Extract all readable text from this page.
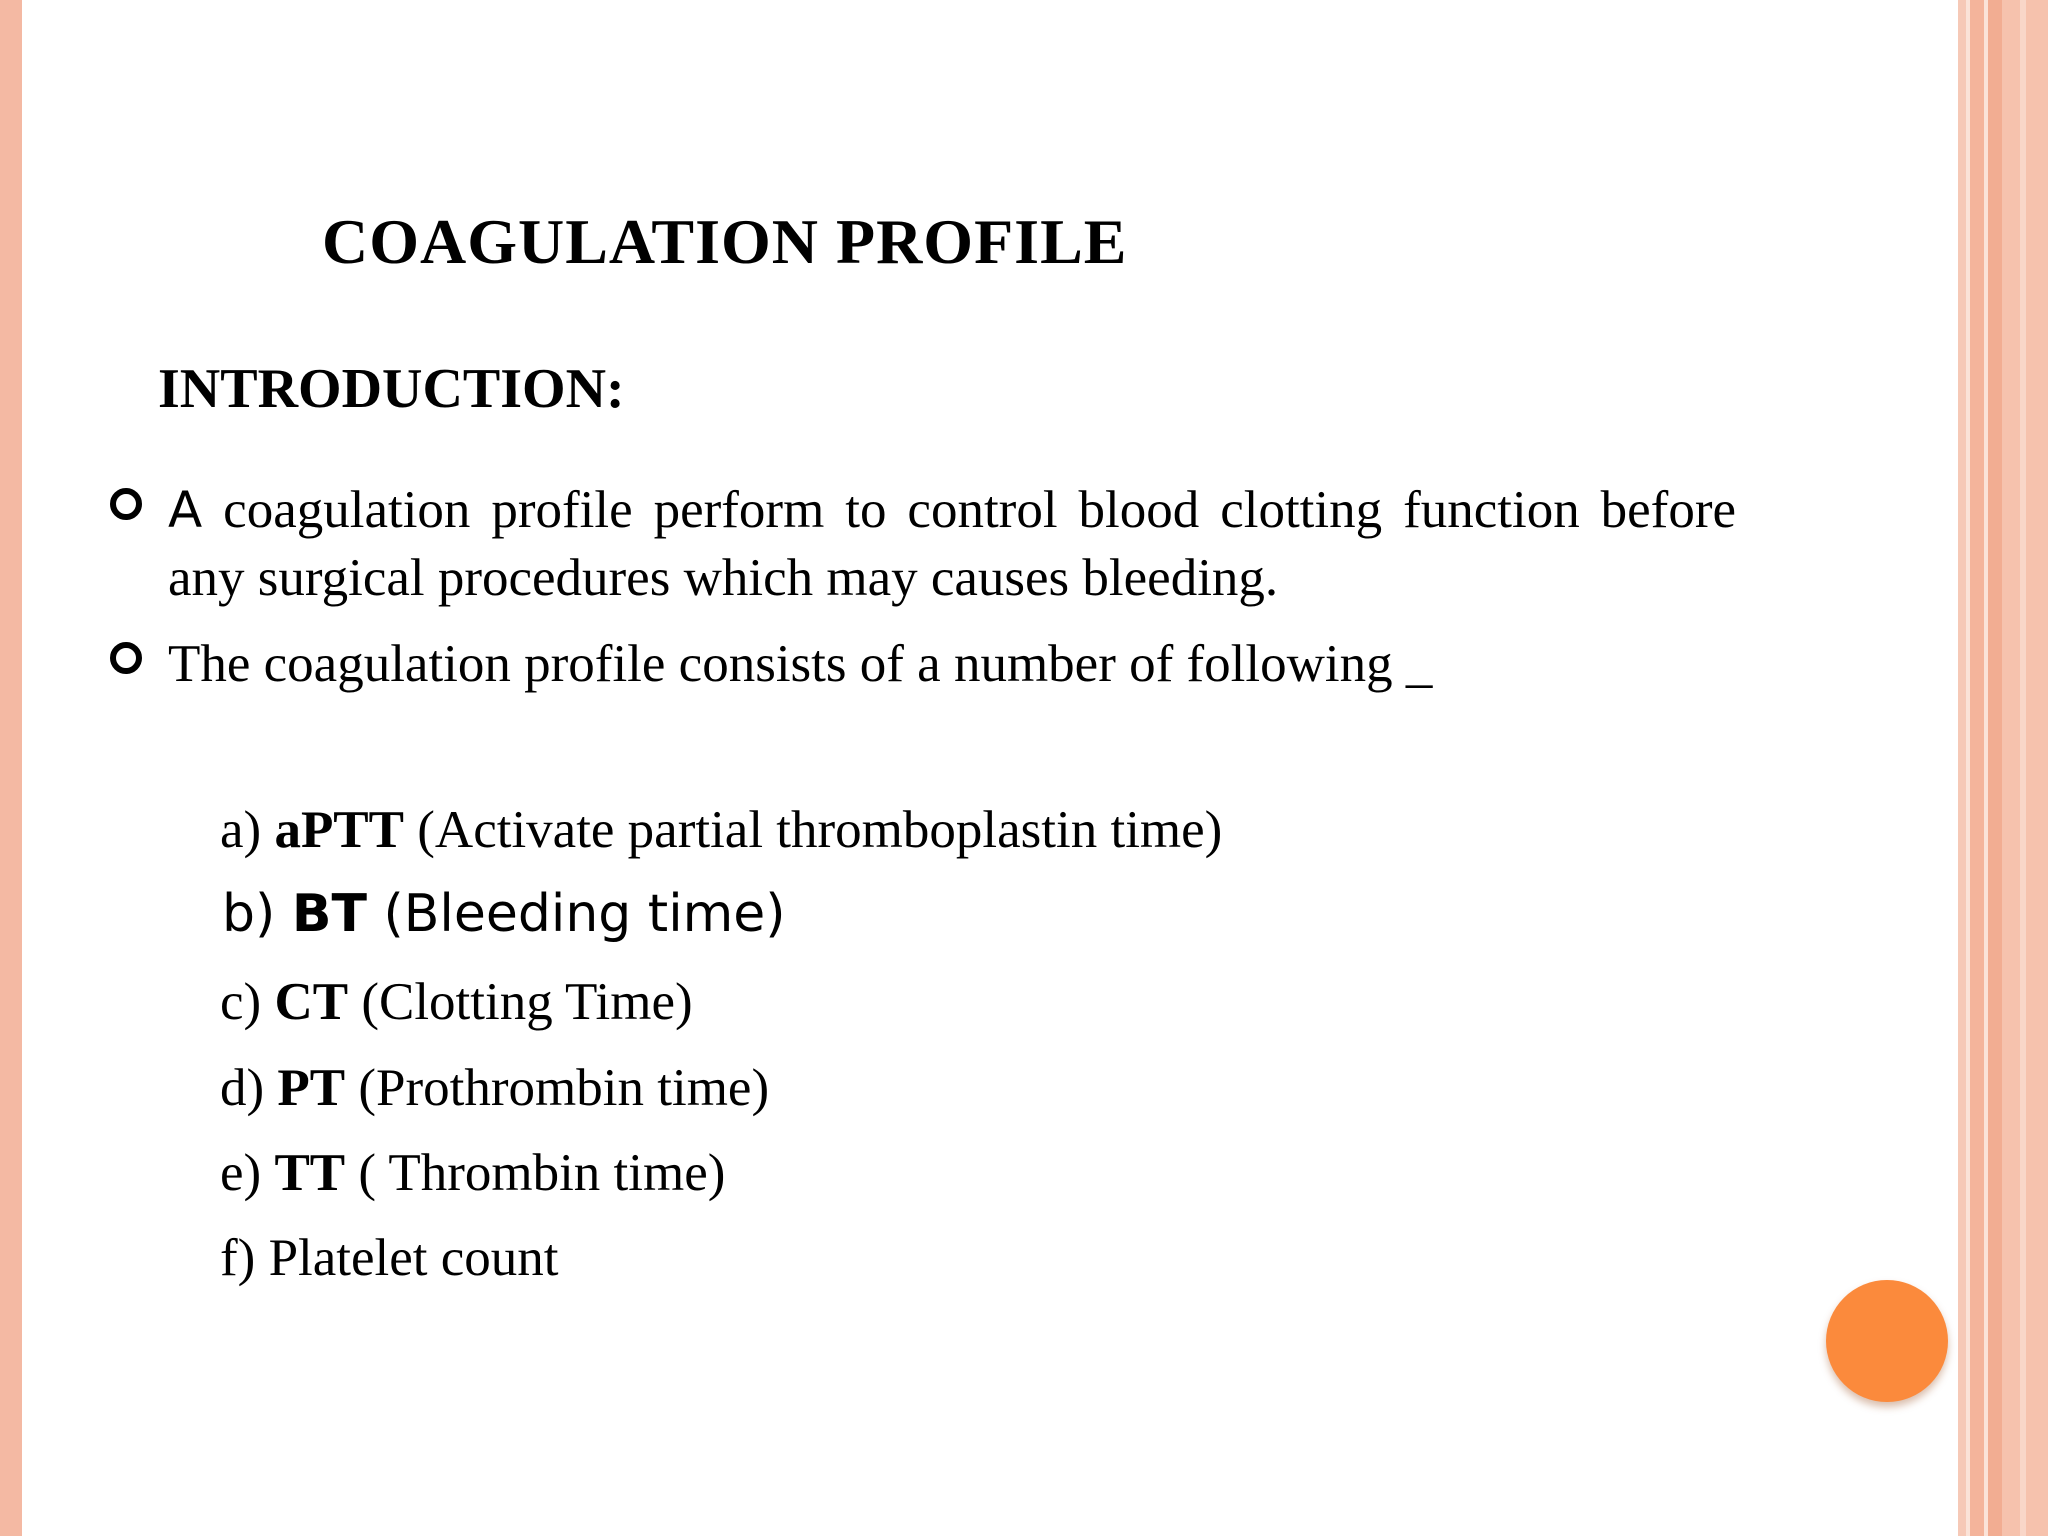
COAGULATION PROFILE
INTRODUCTION:

A coagulation profile perform to control blood clotting function before any surgical procedures which may causes bleeding.

The coagulation profile consists of a number of following _

a) aPTT (Activate partial thromboplastin time)

b) BT (Bleeding time)

c) CT (Clotting Time)

d) PT (Prothrombin time)

e) TT ( Thrombin time)

f) Platelet count
